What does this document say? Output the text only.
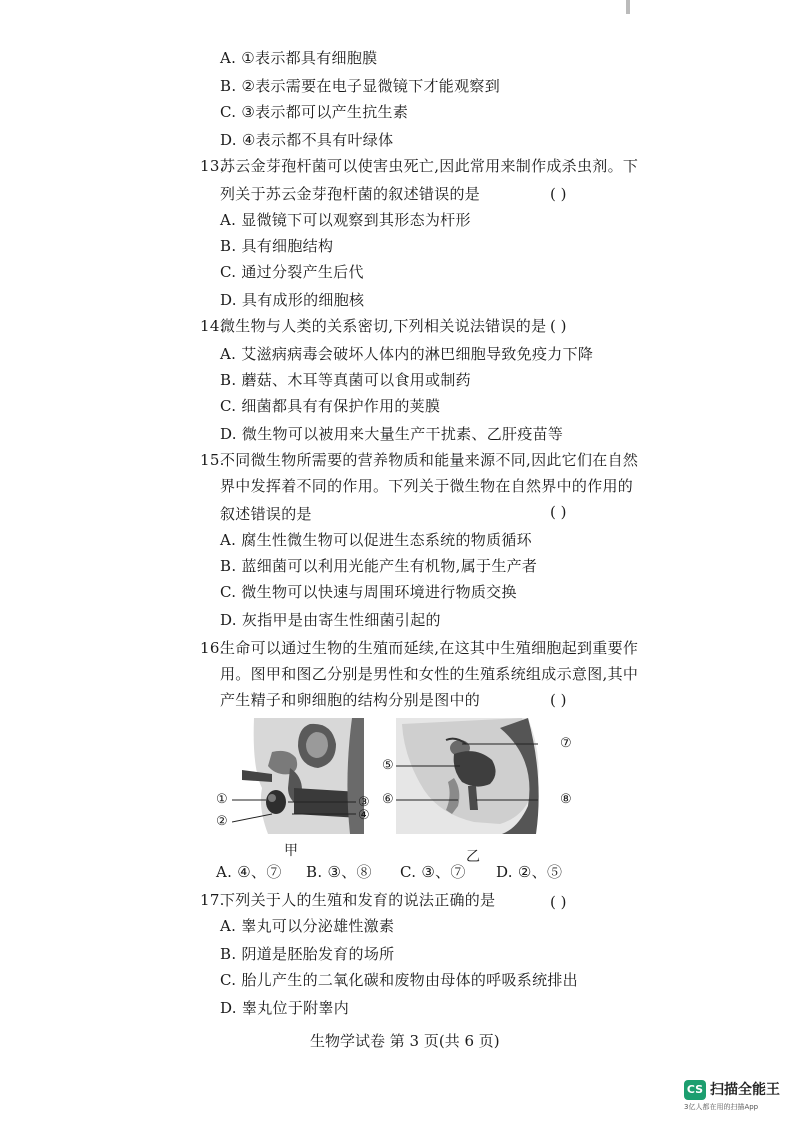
A. ①表示都具有细胞膜
B. ②表示需要在电子显微镜下才能观察到
C. ③表示都可以产生抗生素
D. ④表示都不具有叶绿体
13.
苏云金芽孢杆菌可以使害虫死亡,因此常用来制作成杀虫剂。下
列关于苏云金芽孢杆菌的叙述错误的是	( )
A. 显微镜下可以观察到其形态为杆形
B. 具有细胞结构
C. 通过分裂产生后代
D. 具有成形的细胞核
14.
微生物与人类的关系密切,下列相关说法错误的是 ( )
A. 艾滋病病毒会破坏人体内的淋巴细胞导致免疫力下降
B. 蘑菇、木耳等真菌可以食用或制药
C. 细菌都具有有保护作用的荚膜
D. 微生物可以被用来大量生产干扰素、乙肝疫苗等
15.
不同微生物所需要的营养物质和能量来源不同,因此它们在自然
界中发挥着不同的作用。下列关于微生物在自然界中的作用的
叙述错误的是	( )
A. 腐生性微生物可以促进生态系统的物质循环
B. 蓝细菌可以利用光能产生有机物,属于生产者
C. 微生物可以快速与周围环境进行物质交换
D. 灰指甲是由寄生性细菌引起的
16.
生命可以通过生物的生殖而延续,在这其中生殖细胞起到重要作
用。图甲和图乙分别是男性和女性的生殖系统组成示意图,其中
产生精子和卵细胞的结构分别是图中的	( )
①
②
③
④
⑤
⑥
⑦
⑧
甲	乙
A. ④、⑦ B. ③、⑧ C. ③、⑦ D. ②、⑤
17.
下列关于人的生殖和发育的说法正确的是	( )
A. 睾丸可以分泌雄性激素
B. 阴道是胚胎发育的场所
C. 胎儿产生的二氧化碳和废物由母体的呼吸系统排出
D. 睾丸位于附睾内
生物学试卷 第 3 页(共 6 页)
CS 扫描全能王
3亿人都在用的扫描App
